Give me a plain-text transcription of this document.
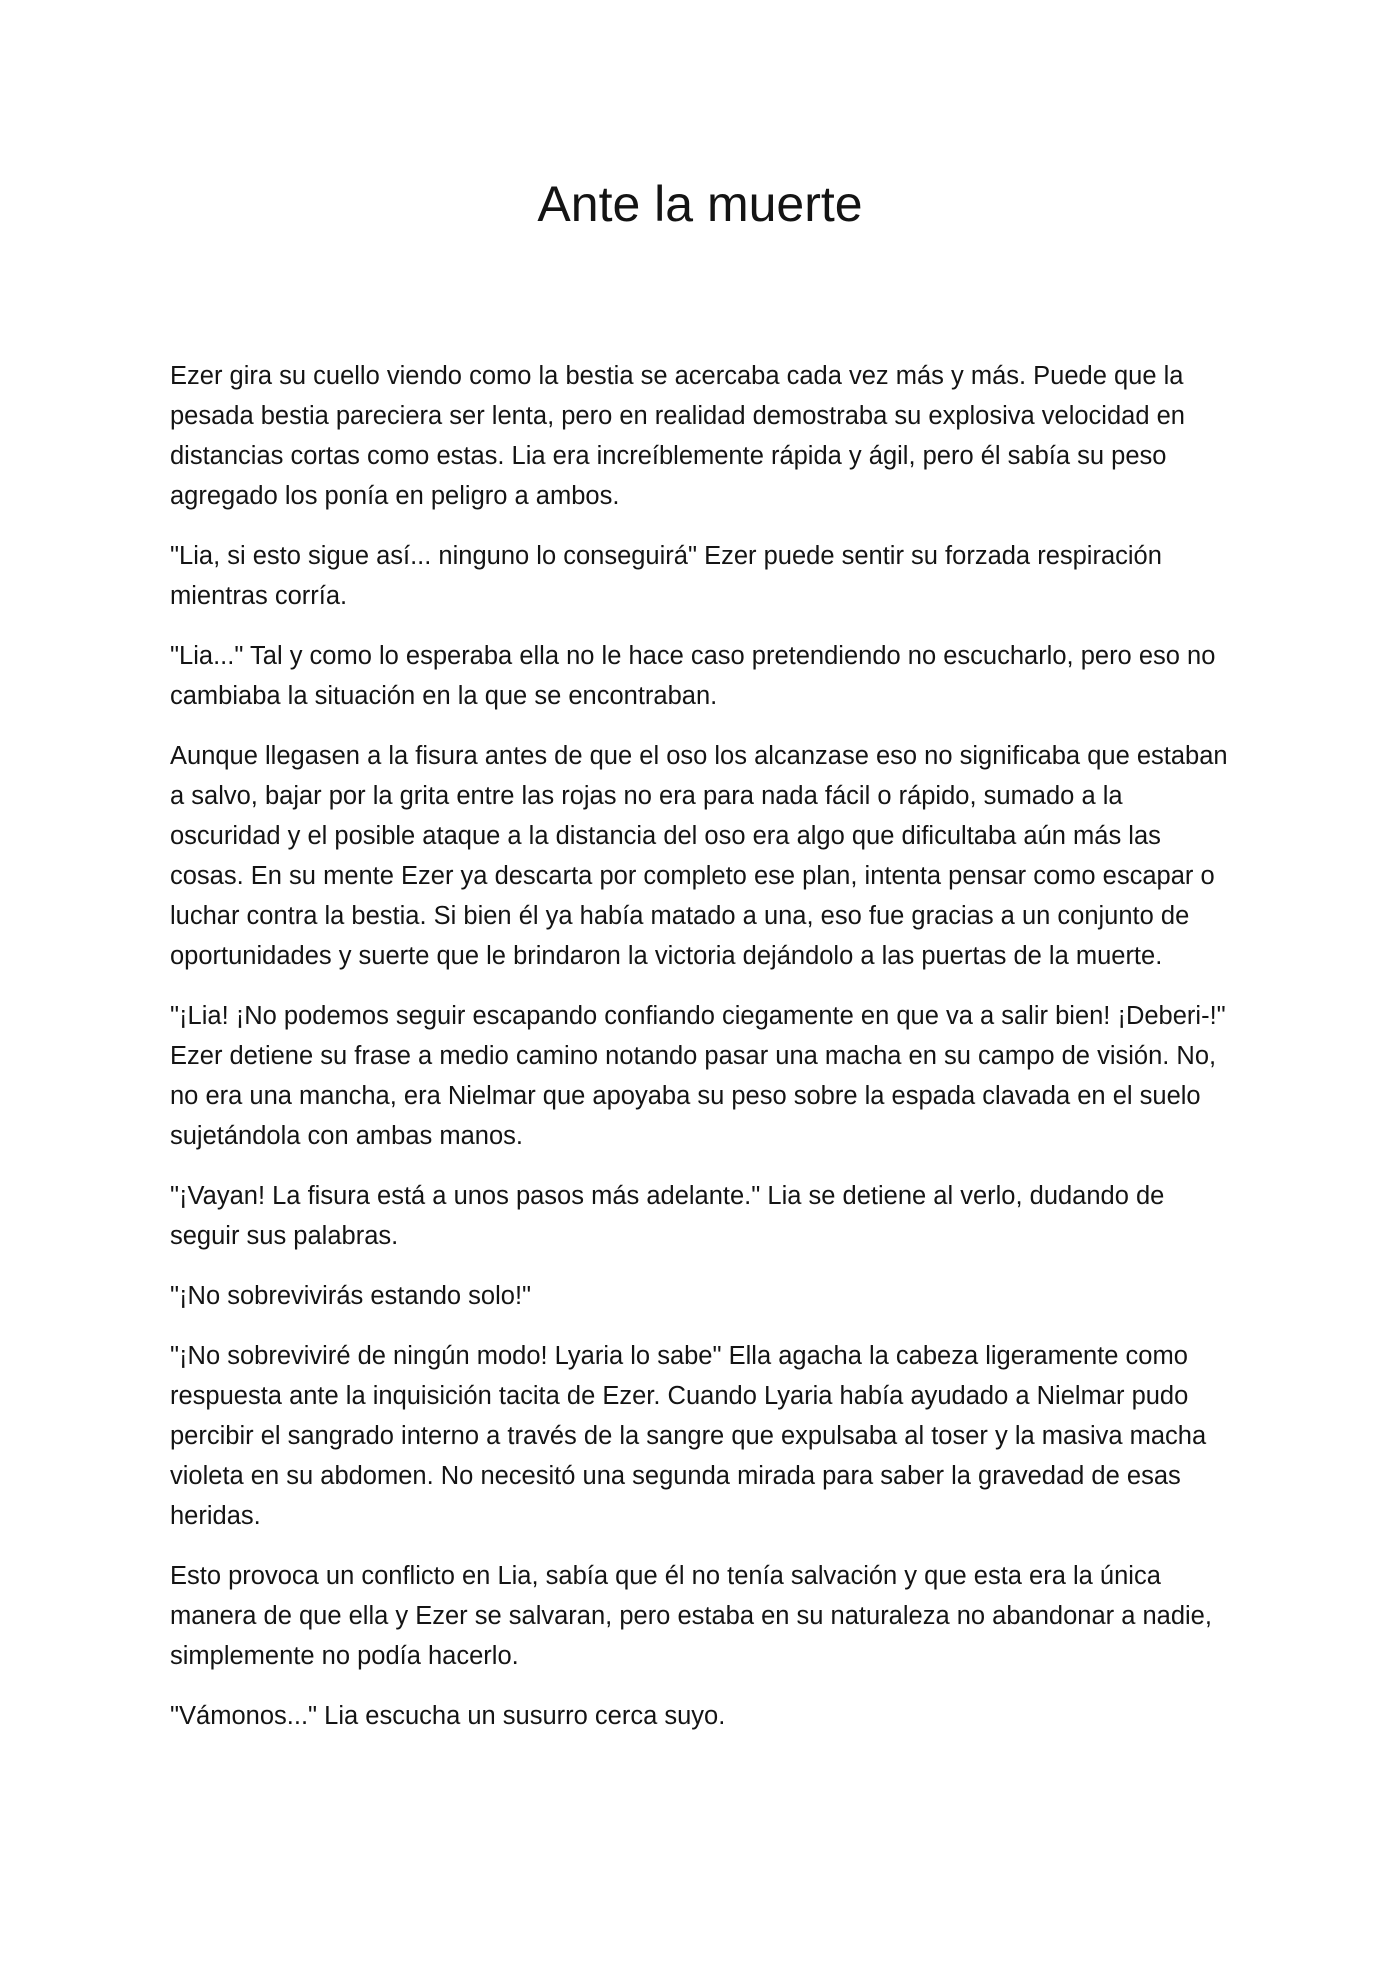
Ante la muerte

Ezer gira su cuello viendo como la bestia se acercaba cada vez más y más. Puede que la pesada bestia pareciera ser lenta, pero en realidad demostraba su explosiva velocidad en distancias cortas como estas. Lia era increíblemente rápida y ágil, pero él sabía su peso agregado los ponía en peligro a ambos.

"Lia, si esto sigue así... ninguno lo conseguirá" Ezer puede sentir su forzada respiración mientras corría.

"Lia..." Tal y como lo esperaba ella no le hace caso pretendiendo no escucharlo, pero eso no cambiaba la situación en la que se encontraban.

Aunque llegasen a la fisura antes de que el oso los alcanzase eso no significaba que estaban a salvo, bajar por la grita entre las rojas no era para nada fácil o rápido, sumado a la oscuridad y el posible ataque a la distancia del oso era algo que dificultaba aún más las cosas. En su mente Ezer ya descarta por completo ese plan, intenta pensar como escapar o luchar contra la bestia. Si bien él ya había matado a una, eso fue gracias a un conjunto de oportunidades y suerte que le brindaron la victoria dejándolo a las puertas de la muerte.

"¡Lia! ¡No podemos seguir escapando confiando ciegamente en que va a salir bien! ¡Deberi-!" Ezer detiene su frase a medio camino notando pasar una macha en su campo de visión. No, no era una mancha, era Nielmar que apoyaba su peso sobre la espada clavada en el suelo sujetándola con ambas manos.

"¡Vayan! La fisura está a unos pasos más adelante." Lia se detiene al verlo, dudando de seguir sus palabras.

"¡No sobrevivirás estando solo!"

"¡No sobreviviré de ningún modo! Lyaria lo sabe" Ella agacha la cabeza ligeramente como respuesta ante la inquisición tacita de Ezer. Cuando Lyaria había ayudado a Nielmar pudo percibir el sangrado interno a través de la sangre que expulsaba al toser y la masiva macha violeta en su abdomen. No necesitó una segunda mirada para saber la gravedad de esas heridas.

Esto provoca un conflicto en Lia, sabía que él no tenía salvación y que esta era la única manera de que ella y Ezer se salvaran, pero estaba en su naturaleza no abandonar a nadie, simplemente no podía hacerlo.

"Vámonos..." Lia escucha un susurro cerca suyo.
